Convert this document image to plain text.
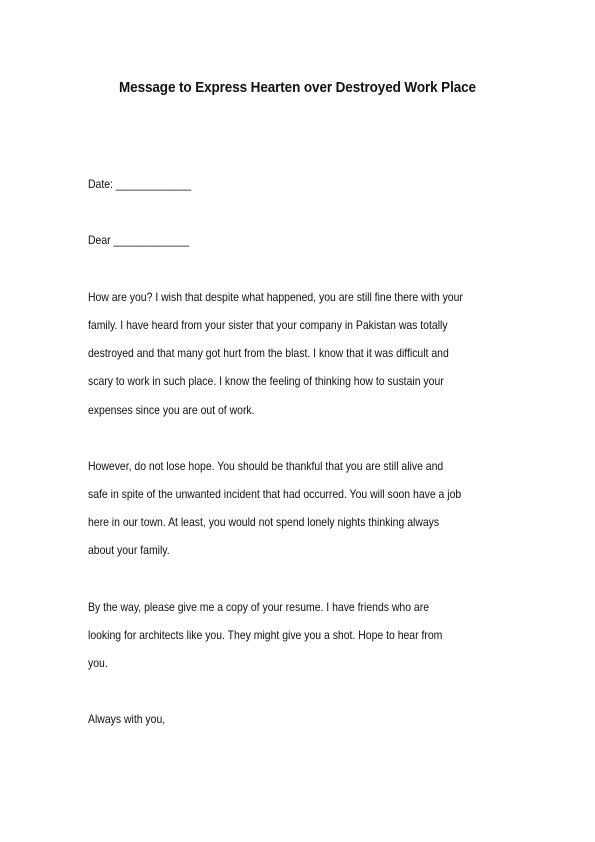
Message to Express Hearten over Destroyed Work Place
Date: _____________
Dear _____________
How are you? I wish that despite what happened, you are still fine there with your
family. I have heard from your sister that your company in Pakistan was totally
destroyed and that many got hurt from the blast. I know that it was difficult and
scary to work in such place. I know the feeling of thinking how to sustain your
expenses since you are out of work.
However, do not lose hope. You should be thankful that you are still alive and
safe in spite of the unwanted incident that had occurred. You will soon have a job
here in our town. At least, you would not spend lonely nights thinking always
about your family.
By the way, please give me a copy of your resume. I have friends who are
looking for architects like you. They might give you a shot. Hope to hear from
you.
Always with you,
